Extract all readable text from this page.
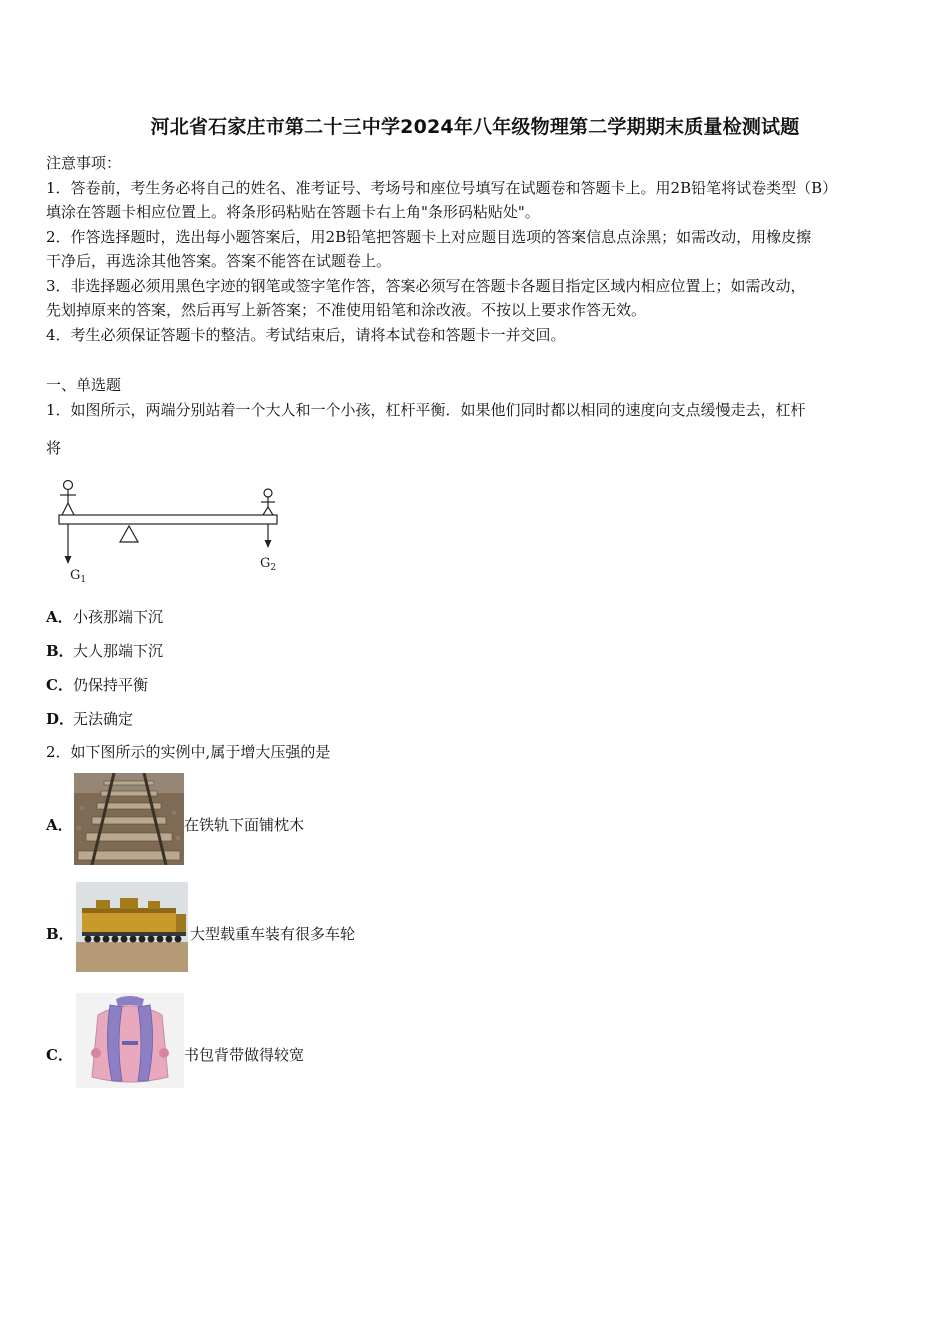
河北省石家庄市第二十三中学2024年八年级物理第二学期期末质量检测试题
注意事项：
1．答卷前，考生务必将自己的姓名、准考证号、考场号和座位号填写在试题卷和答题卡上。用2B铅笔将试卷类型（B）
填涂在答题卡相应位置上。将条形码粘贴在答题卡右上角"条形码粘贴处"。
2．作答选择题时，选出每小题答案后，用2B铅笔把答题卡上对应题目选项的答案信息点涂黑；如需改动，用橡皮擦
干净后，再选涂其他答案。答案不能答在试题卷上。
3．非选择题必须用黑色字迹的钢笔或签字笔作答，答案必须写在答题卡各题目指定区域内相应位置上；如需改动，
先划掉原来的答案，然后再写上新答案；不准使用铅笔和涂改液。不按以上要求作答无效。
4．考生必须保证答题卡的整洁。考试结束后，请将本试卷和答题卡一并交回。
一、单选题
1．如图所示，两端分别站着一个大人和一个小孩，杠杆平衡．如果他们同时都以相同的速度向支点缓慢走去，杠杆
将
$G_1$
$G_2$
A． 小孩那端下沉
B． 大人那端下沉
C． 仍保持平衡
D．
无法确定
2．如下图所示的实例中,属于增大压强的是
A．	在铁轨下面铺枕木
B．	大型载重车装有很多车轮
C．	书包背带做得较宽
